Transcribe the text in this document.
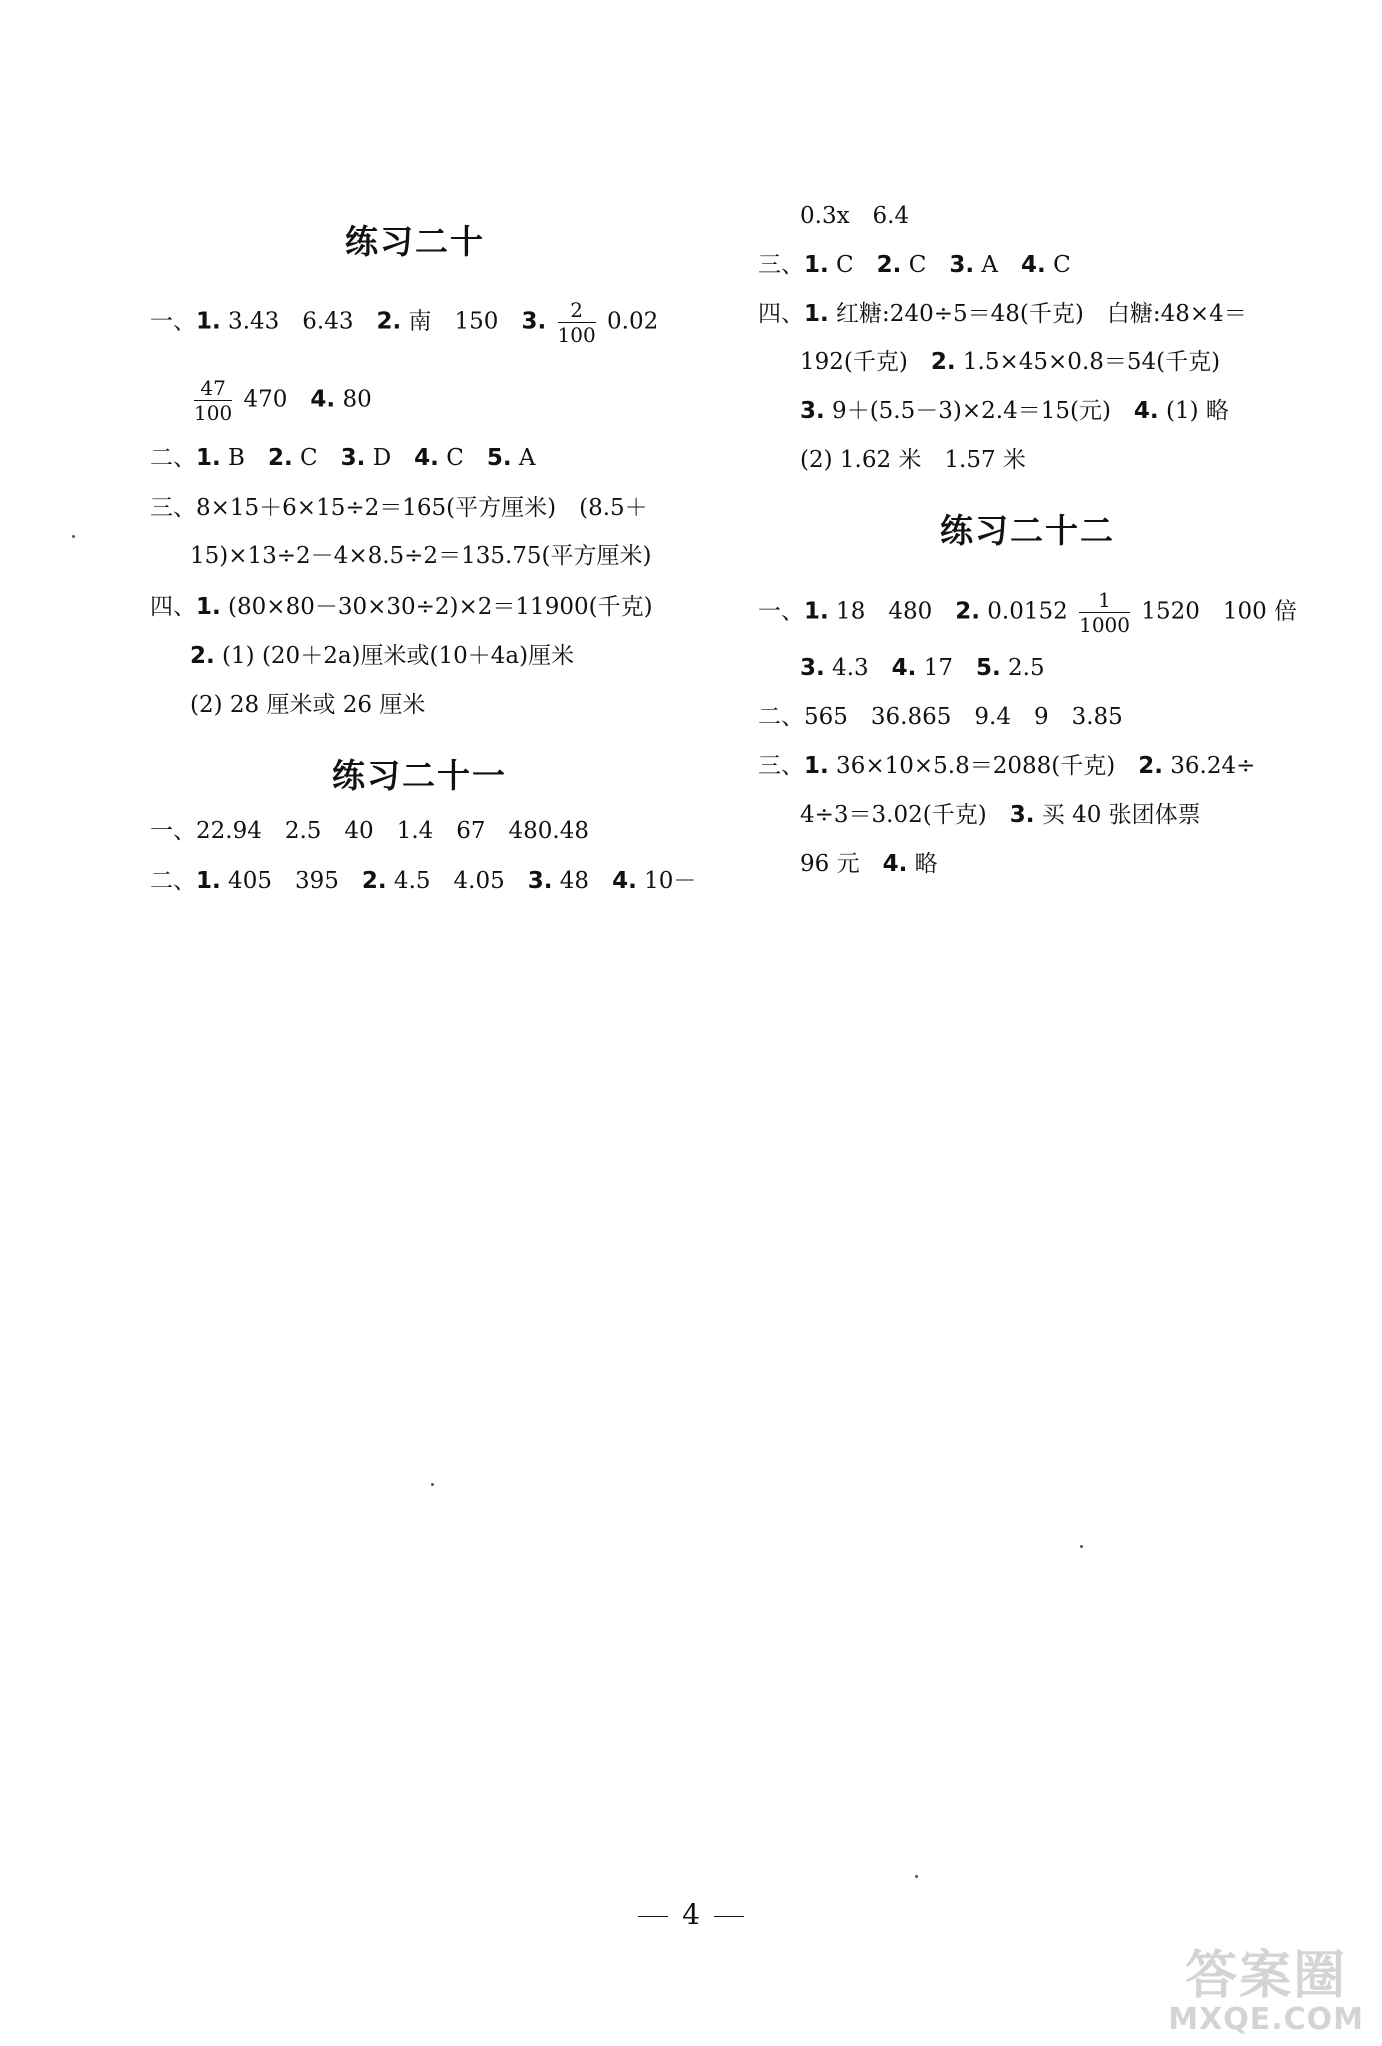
练习二十
一、1. 3.43　6.43　2. 南　150　3. $\frac{2}{100} 0.02$
$\frac{47}{100} 470$　4. 80
二、1. B　2. C　3. D　4. C　5. A
三、8×15＋6×15÷2＝165(平方厘米)　(8.5＋
15)×13÷2－4×8.5÷2＝135.75(平方厘米)
四、1. (80×80－30×30÷2)×2＝11900(千克)
2. (1) (20＋2a)厘米或(10＋4a)厘米
(2) 28 厘米或 26 厘米
练习二十一
一、22.94　2.5　40　1.4　67　480.48
二、1. 405　395　2. 4.5　4.05　3. 48　4. 10－
0.3x　6.4
三、1. C　2. C　3. A　4. C
四、1. 红糖:240÷5＝48(千克)　白糖:48×4＝
192(千克)　2. 1.5×45×0.8＝54(千克)
3. 9＋(5.5－3)×2.4＝15(元)　4. (1) 略
(2) 1.62 米　1.57 米
练习二十二
一、1. 18　480　2. $0.0152 \frac{1}{1000} 1520$　100 倍
3. 4.3　4. 17　5. 2.5
二、565　36.865　9.4　9　3.85
三、1. 36×10×5.8＝2088(千克)　2. 36.24÷
4÷3＝3.02(千克)　3. 买 40 张团体票
96 元　4. 略
4
答案圈
MXQE.COM
